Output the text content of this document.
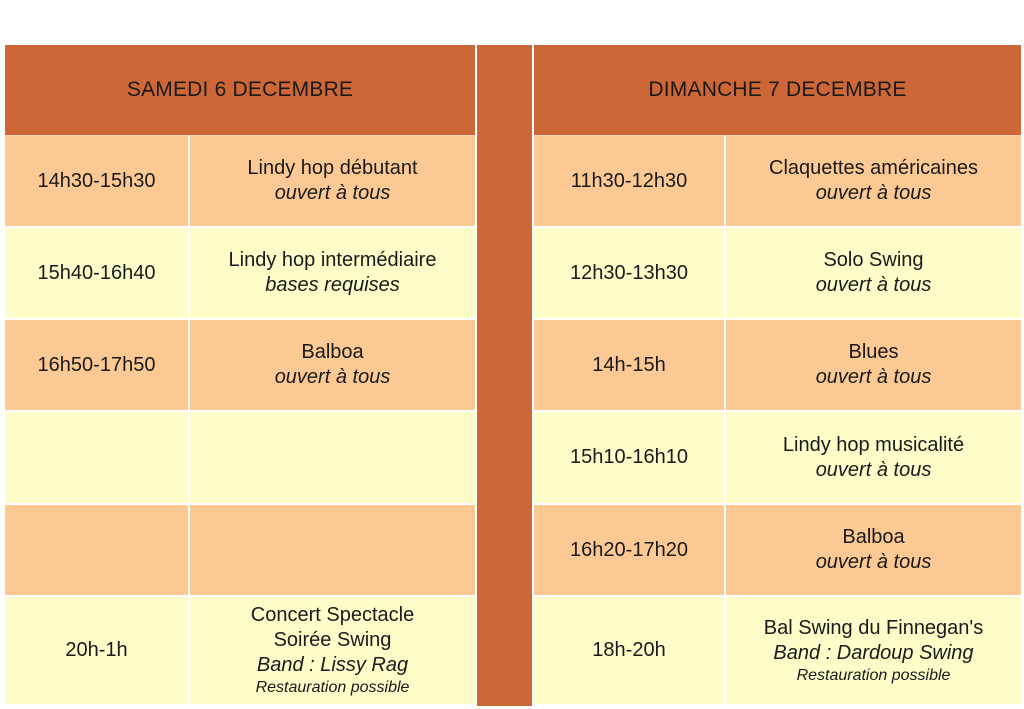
SAMEDI 6 DECEMBRE	DIMANCHE 7 DECEMBRE
14h30-15h30
Lindy hop débutant
ouvert à tous
15h40-16h40
Lindy hop intermédiaire
bases requises
16h50-17h50
Balboa
ouvert à tous
20h-1h
Concert Spectacle
Soirée Swing
Band : Lissy Rag
Restauration possible
11h30-12h30
Claquettes américaines
ouvert à tous
12h30-13h30
Solo Swing
ouvert à tous
14h-15h
Blues
ouvert à tous
15h10-16h10
Lindy hop musicalité
ouvert à tous
16h20-17h20
Balboa
ouvert à tous
18h-20h
Bal Swing du Finnegan's
Band : Dardoup Swing
Restauration possible
